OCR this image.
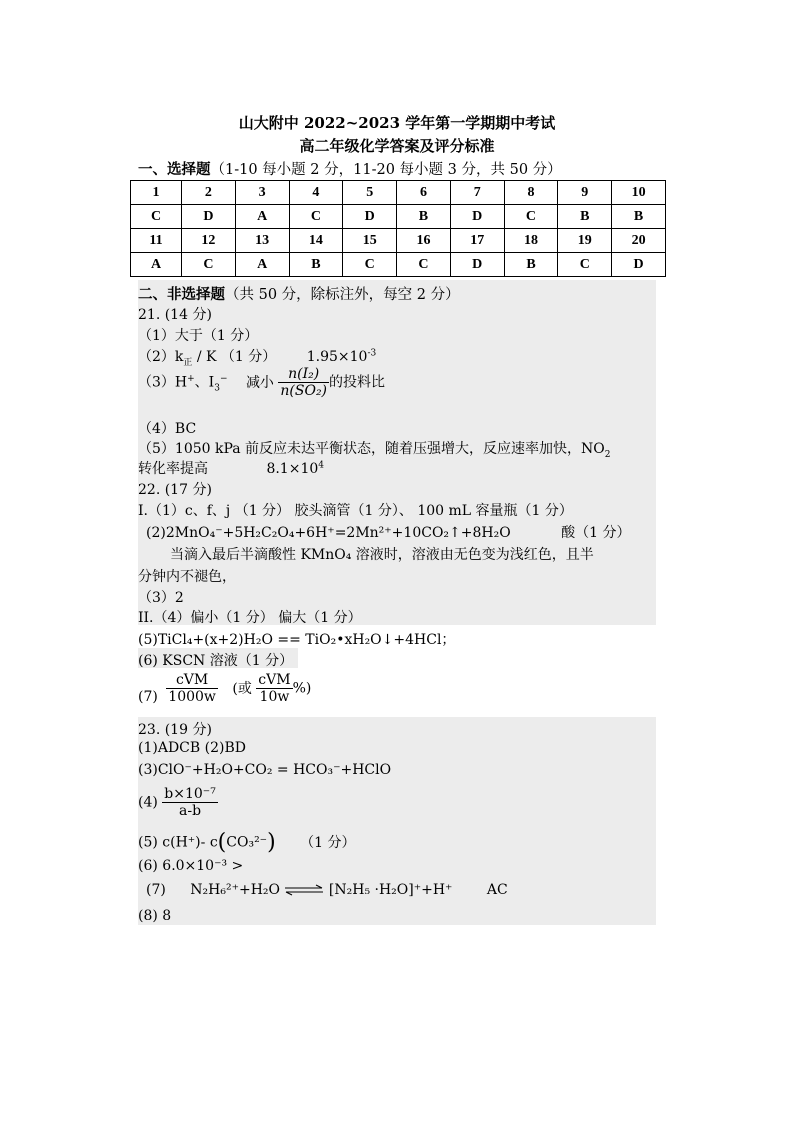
山大附中 2022~2023 学年第一学期期中考试
高二年级化学答案及评分标准
一、选择题（1-10 每小题 2 分，11-20 每小题 3 分，共 50 分）
1	2	3	4	5	6	7	8	9	10
C	D	A	C	D	B	D	C	B	B
11	12	13	14	15	16	17	18	19	20
A	C	A	B	C	C	D	B	C	D
二、非选择题（共 50 分，除标注外，每空 2 分）
21. (14 分)
（1）大于（1 分）
$(2)k_正$ / K （1 分） $1.95\times 10^{-3}$
（3）H+、$I_3^-$ 减小 $\frac{\text{n(I₂)}}{\text{n(SO₂)}}$ 的投料比
（4）BC
（5）1050 kPa 前反应未达平衡状态，随着压强增大，反应速率加快，$NO_2$
转化率提高	$8.1\times 10^4$
22. (17 分)
I.（1）c、f、j （1 分） 胶头滴管（1 分）、 100 mL 容量瓶（1 分）
(2)2MnO₄⁻+5H₂C₂O₄+6H⁺=2Mn²⁺+10CO₂↑+8H₂O	酸（1 分）
当滴入最后半滴酸性 KMnO₄ 溶液时，溶液由无色变为浅红色，且半
分钟内不褪色，
（3）2
II.（4）偏小（1 分） 偏大（1 分）
(5)TiCl₄+(x+2)H₂O == TiO₂•xH₂O↓+4HCl；
(6) KSCN 溶液（1 分）
$(7) \frac{\text{cVM}}{1000w}$ (或 $\frac{\text{cVM}}{10w}$ %)
23. (19 分)
(1)ADCB (2)BD
(3)ClO⁻+H₂O+CO₂ = HCO₃⁻+HClO
$(4) \frac{\text{b×10⁻⁷}}{a-b}$
(5) c(H⁺)- c(CO₃²⁻) （1 分）
(6) 6.0×10⁻³ >
(7) N₂H₆²⁺+H₂O ⇌ [N₂H₅ ·H₂O]⁺+H⁺ AC
(8) 8
